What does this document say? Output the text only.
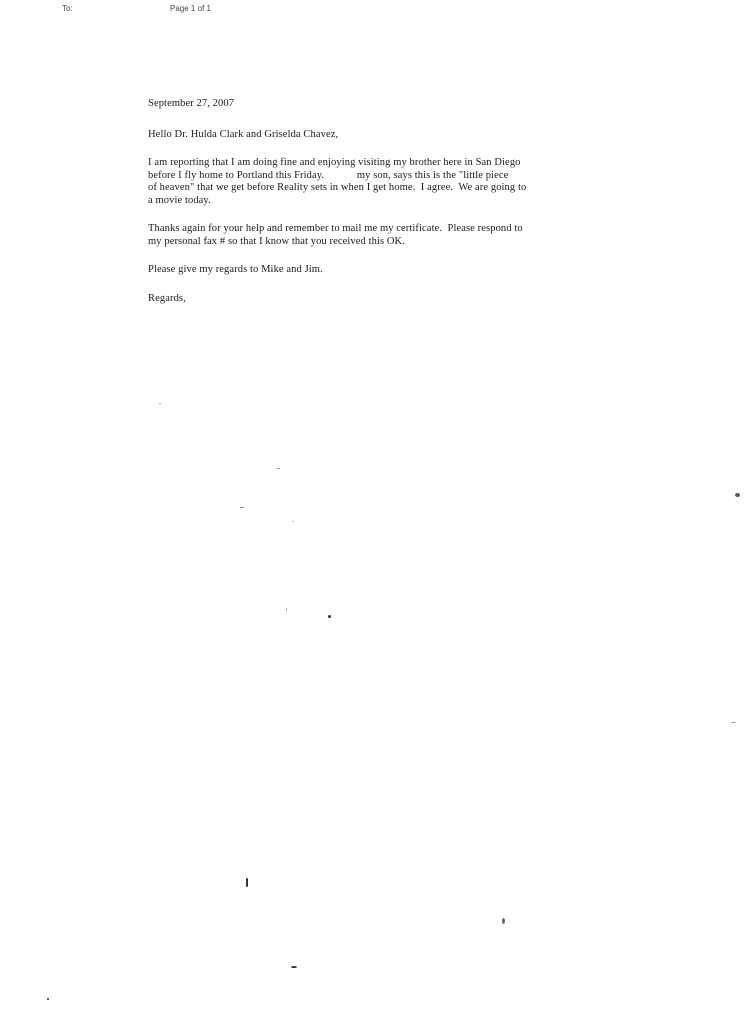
To:	Page 1 of 1

September 27, 2007

Hello Dr. Hulda Clark and Griselda Chavez,

I am reporting that I am doing fine and enjoying visiting my brother here in San Diego

before I fly home to Portland this Friday.            my son, says this is the "little piece

of heaven" that we get before Reality sets in when I get home.  I agree.  We are going to

a movie today.

Thanks again for your help and remember to mail me my certificate.  Please respond to

my personal fax # so that I know that you received this OK.

Please give my regards to Mike and Jim.

Regards,
